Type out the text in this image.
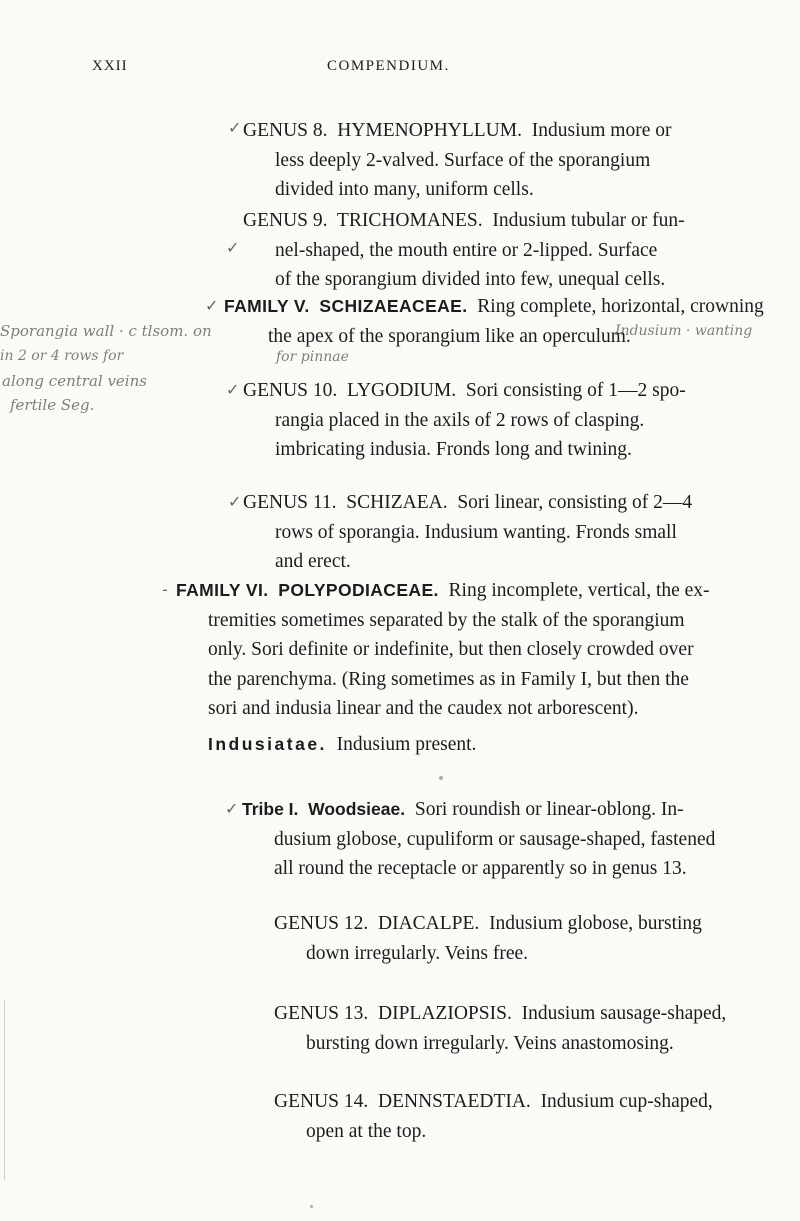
XXII	COMPENDIUM.
✓ GENUS 8. HYMENOPHYLLUM. Indusium more or
less deeply 2-valved. Surface of the sporangium
divided into many, uniform cells.
✓
GENUS 9. TRICHOMANES. Indusium tubular or fun-
nel-shaped, the mouth entire or 2-lipped. Surface
of the sporangium divided into few, unequal cells.
✓ FAMILY V. SCHIZAEACEAE. Ring complete, horizontal, crowning
the apex of the sporangium like an operculum.
Sporangia wall · c tlsom. on
in 2 or 4 rows for
along central veins
fertile Seg.
Indusium · wanting
for pinnae
✓ GENUS 10. LYGODIUM. Sori consisting of 1—2 spo-
rangia placed in the axils of 2 rows of clasping.
imbricating indusia. Fronds long and twining.
✓ GENUS 11. SCHIZAEA. Sori linear, consisting of 2—4
rows of sporangia. Indusium wanting. Fronds small
and erect.
- FAMILY VI. POLYPODIACEAE. Ring incomplete, vertical, the ex-
tremities sometimes separated by the stalk of the sporangium
only. Sori definite or indefinite, but then closely crowded over
the parenchyma. (Ring sometimes as in Family I, but then the
sori and indusia linear and the caudex not arborescent).
Indusiatae. Indusium present.
✓ Tribe I. Woodsieae. Sori roundish or linear-oblong. In-
dusium globose, cupuliform or sausage-shaped, fastened
all round the receptacle or apparently so in genus 13.
GENUS 12. DIACALPE. Indusium globose, bursting
down irregularly. Veins free.
GENUS 13. DIPLAZIOPSIS. Indusium sausage-shaped,
bursting down irregularly. Veins anastomosing.
GENUS 14. DENNSTAEDTIA. Indusium cup-shaped,
open at the top.
